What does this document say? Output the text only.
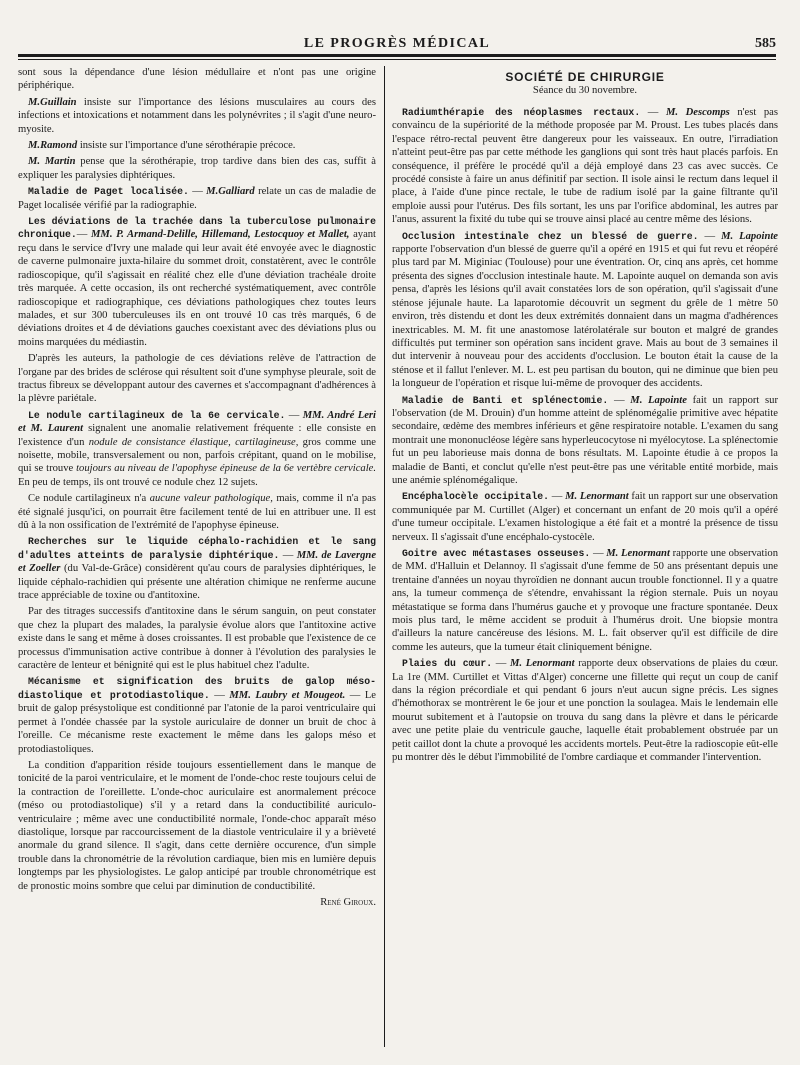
LE PROGRÈS MÉDICAL	585

sont sous la dépendance d'une lésion médullaire et n'ont pas une origine périphérique.

M.Guillain insiste sur l'importance des lésions musculaires au cours des infections et intoxications et notamment dans les polynévrites ; il s'agit d'une neuro-myosite.

M.Ramond insiste sur l'importance d'une sérothérapie précoce.

M. Martin pense que la sérothérapie, trop tardive dans bien des cas, suffit à expliquer les paralysies diphtériques.

Maladie de Paget localisée. — M.Galliard relate un cas de maladie de Paget localisée vérifié par la radiographie.

Les déviations de la trachée dans la tuberculose pulmonaire chronique.— MM. P. Armand-Delille, Hillemand, Lestocquoy et Mallet, ayant reçu dans le service d'Ivry une malade qui leur avait été envoyée avec le diagnostic de caverne pulmonaire juxta-hilaire du sommet droit, constatèrent, avec le contrôle radioscopique, qu'il s'agissait en réalité chez elle d'une déviation trachéale droite très marquée. A cette occasion, ils ont recherché systématiquement, avec contrôle radioscopique et radiographique, ces déviations pathologiques chez toutes leurs malades, et sur 300 tuberculeuses ils en ont trouvé 10 cas très marqués, 6 de déviations droites et 4 de déviations gauches coexistant avec des déviations plus ou moins marquées du médiastin.

D'après les auteurs, la pathologie de ces déviations relève de l'attraction de l'organe par des brides de sclérose qui résultent soit d'une symphyse pleurale, soit de tractus fibreux se développant autour des cavernes et s'accompagnant d'adhérences à la plèvre pariétale.

Le nodule cartilagineux de la 6e cervicale. — MM. André Leri et M. Laurent signalent une anomalie relativement fréquente : elle consiste en l'existence d'un nodule de consistance élastique, cartilagineuse, gros comme une noisette, mobile, transversalement ou non, parfois crépitant, quand on le mobilise, qui se trouve toujours au niveau de l'apophyse épineuse de la 6e vertèbre cervicale. En peu de temps, ils ont trouvé ce nodule chez 12 sujets.

Ce nodule cartilagineux n'a aucune valeur pathologique, mais, comme il n'a pas été signalé jusqu'ici, on pourrait être facilement tenté de lui en attribuer une. Il est dû à la non ossification de l'extrémité de l'apophyse épineuse.

Recherches sur le liquide céphalo-rachidien et le sang d'adultes atteints de paralysie diphtérique. — MM. de Lavergne et Zoeller (du Val-de-Grâce) considèrent qu'au cours de paralysies diphtériques, le liquide céphalo-rachidien qui présente une altération chimique ne renferme aucune trace appréciable de toxine ou d'antitoxine.

Par des titrages successifs d'antitoxine dans le sérum sanguin, on peut constater que chez la plupart des malades, la paralysie évolue alors que l'antitoxine active existe dans le sang et même à doses croissantes. Il est probable que l'existence de ce processus d'immunisation active contribue à donner à l'évolution des paralysies le caractère de lenteur et bénignité qui est le plus habituel chez l'adulte.

Mécanisme et signification des bruits de galop méso-diastolique et protodiastolique. — MM. Laubry et Mougeot. — Le bruit de galop présystolique est conditionné par l'atonie de la paroi ventriculaire qui permet à l'ondée chassée par la systole auriculaire de donner un bruit de choc à l'oreille. Ce mécanisme reste exactement le même dans les galops méso et protodiastoliques.

La condition d'apparition réside toujours essentiellement dans le manque de tonicité de la paroi ventriculaire, et le moment de l'onde-choc reste toujours celui de la contraction de l'oreillette. L'onde-choc auriculaire est anormalement précoce (méso ou protodiastolique) s'il y a retard dans la conductibilité auriculo-ventriculaire ; même avec une conductibilité normale, l'onde-choc apparaît méso diastolique, lorsque par raccourcissement de la diastole ventriculaire il y a brièveté anormale du grand silence. Il s'agit, dans cette dernière occurence, d'un simple trouble dans la chronométrie de la révolution cardiaque, bien mis en lumière depuis longtemps par les physiologistes. Le galop anticipé par trouble chronométrique est de pronostic moins sombre que celui par diminution de conductibilité.

René Giroux.

SOCIÉTÉ DE CHIRURGIE
Séance du 30 novembre.

Radiumthérapie des néoplasmes rectaux. — M. Descomps n'est pas convaincu de la supériorité de la méthode proposée par M. Proust. Les tubes placés dans l'espace rétro-rectal peuvent être dangereux pour les vaisseaux. En outre, l'irradiation n'atteint peut-être pas par cette méthode les ganglions qui sont très haut placés parfois. En conséquence, il préfère le procédé qu'il a déjà employé dans 23 cas avec succès. Ce procédé consiste à faire un anus définitif par section. Il isole ainsi le rectum dans lequel il place, à l'aide d'une pince rectale, le tube de radium isolé par la gaine filtrante qu'il emploie aussi pour l'utérus. Des fils sortant, les uns par l'orifice abdominal, les autres par l'anus, assurent la fixité du tube qui se trouve ainsi placé au centre même des lésions.

Occlusion intestinale chez un blessé de guerre. — M. Lapointe rapporte l'observation d'un blessé de guerre qu'il a opéré en 1915 et qui fut revu et réopéré plus tard par M. Miginiac (Toulouse) pour une éventration. Or, cinq ans après, cet homme présenta des signes d'occlusion intestinale haute. M. Lapointe auquel on demanda son avis pensa, d'après les lésions qu'il avait constatées lors de son opération, qu'il s'agissait d'une sténose jéjunale haute. La laparotomie découvrit un segment du grêle de 1 mètre 50 environ, très distendu et dont les deux extrémités donnaient dans un magma d'adhérences inextricables. M. M. fit une anastomose latérolatérale sur bouton et malgré de grandes difficultés put terminer son opération sans incident grave. Mais au bout de 3 semaines il dut intervenir à nouveau pour des accidents d'occlusion. Le bouton était la cause de la sténose et il fallut l'enlever. M. L. est peu partisan du bouton, qui ne diminue que bien peu la longueur de l'opération et risque lui-même de provoquer des accidents.

Maladie de Banti et splénectomie. — M. Lapointe fait un rapport sur l'observation (de M. Drouin) d'un homme atteint de splénomégalie primitive avec hépatite secondaire, œdème des membres inférieurs et gêne respiratoire notable. L'examen du sang montrait une mononucléose légère sans hyperleucocytose ni myélocytose. La splénectomie fut un peu laborieuse mais donna de bons résultats. M. Lapointe étudie à ce propos la maladie de Banti, et conclut qu'elle n'est peut-être pas une véritable entité morbide, mais une anémie splénomégalique.

Encéphalocèle occipitale. — M. Lenormant fait un rapport sur une observation communiquée par M. Curtillet (Alger) et concernant un enfant de 20 mois qu'il a opéré d'une tumeur occipitale. L'examen histologique a été fait et a montré la présence de tissu nerveux. Il s'agissait d'une encéphalo-cystocèle.

Goitre avec métastases osseuses. — M. Lenormant rapporte une observation de MM. d'Halluin et Delannoy. Il s'agissait d'une femme de 50 ans présentant depuis une trentaine d'années un noyau thyroïdien ne donnant aucun trouble fonctionnel. Il y a quatre ans, la tumeur commença de s'étendre, envahissant la région sternale. Puis un noyau métastatique se forma dans l'humérus gauche et y provoque une fracture spontanée. Deux mois plus tard, le même accident se produit à l'humérus droit. Une biopsie montra d'ailleurs la nature cancéreuse des lésions. M. L. fait observer qu'il est difficile de dire comme les auteurs, que la tumeur était cliniquement bénigne.

Plaies du cœur. — M. Lenormant rapporte deux observations de plaies du cœur. La 1re (MM. Curtillet et Vittas d'Alger) concerne une fillette qui reçut un coup de canif dans la région précordiale et qui pendant 6 jours n'eut aucun signe précis. Les signes d'hémothorax se montrèrent le 6e jour et une ponction la soulagea. Mais le lendemain elle mourut subitement et à l'autopsie on trouva du sang dans la plèvre et dans le péricarde avec une petite plaie du ventricule gauche, laquelle était probablement obstruée par un petit caillot dont la chute a provoqué les accidents mortels. Peut-être la radioscopie eût-elle pu montrer dès le début l'immobilité de l'ombre cardiaque et commander l'intervention.
